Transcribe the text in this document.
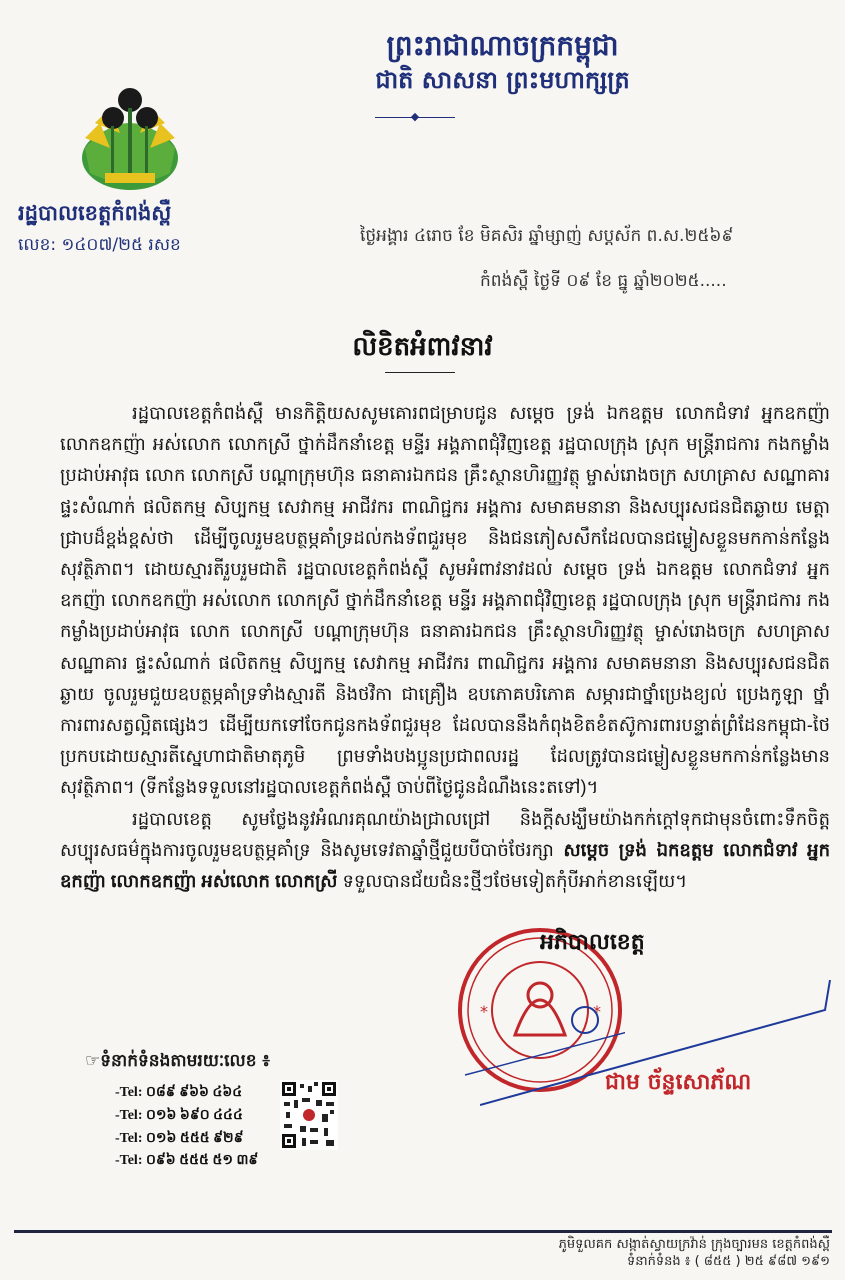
ព្រះរាជាណាចក្រកម្ពុជា
ជាតិ សាសនា ព្រះមហាក្សត្រ
◆
រដ្ឋបាលខេត្តកំពង់ស្ពឺ
លេខ: ១៤០៧/២៥ រសខ	ថ្ងៃអង្គារ ៤រោច ខែ មិគសិរ ឆ្នាំម្សាញ់ សប្តស័ក ព.ស.២៥៦៩
កំពង់ស្ពឺ ថ្ងៃទី ០៩ ខែ ធ្នូ ឆ្នាំ២០២៥.....
លិខិតអំពាវនាវ

រដ្ឋបាលខេត្តកំពង់ស្ពឺ មានកិត្តិយសសូមគោរពជម្រាបជូន សម្តេច ទ្រង់ ឯកឧត្តម លោកជំទាវ អ្នកឧកញ៉ា លោកឧកញ៉ា អស់លោក លោកស្រី ថ្នាក់ដឹកនាំខេត្ត មន្ទីរ អង្គភាពជុំវិញខេត្ត រដ្ឋបាលក្រុង ស្រុក មន្ត្រីរាជការ កងកម្លាំងប្រដាប់អាវុធ លោក លោកស្រី បណ្ដាក្រុមហ៊ុន ធនាគារឯកជន គ្រឹះស្ថានហិរញ្ញវត្ថុ ម្ចាស់រោងចក្រ សហគ្រាស សណ្ឋាគារ ផ្ទះសំណាក់ ផលិតកម្ម សិប្បកម្ម សេវាកម្ម អាជីវករ ពាណិជ្ជករ អង្គការ សមាគមនានា និងសប្បុរសជនជិតឆ្ងាយ មេត្តាជ្រាបដ៏ខ្ពង់ខ្ពស់ថា ដើម្បីចូលរួមឧបត្ថម្ភគាំទ្រដល់កងទ័ពជួរមុខ និងជនភៀសសឹកដែលបានជម្លៀសខ្លួនមកកាន់កន្លែងសុវត្ថិភាព។ ដោយស្មារតីរួបរួមជាតិ រដ្ឋបាលខេត្តកំពង់ស្ពឺ សូមអំពាវនាវដល់ សម្តេច ទ្រង់ ឯកឧត្តម លោកជំទាវ អ្នកឧកញ៉ា លោកឧកញ៉ា អស់លោក លោកស្រី ថ្នាក់ដឹកនាំខេត្ត មន្ទីរ អង្គភាពជុំវិញខេត្ត រដ្ឋបាលក្រុង ស្រុក មន្ត្រីរាជការ កងកម្លាំងប្រដាប់អាវុធ លោក លោកស្រី បណ្ដាក្រុមហ៊ុន ធនាគារឯកជន គ្រឹះស្ថានហិរញ្ញវត្ថុ ម្ចាស់រោងចក្រ សហគ្រាស សណ្ឋាគារ ផ្ទះសំណាក់ ផលិតកម្ម សិប្បកម្ម សេវាកម្ម អាជីវករ ពាណិជ្ជករ អង្គការ សមាគមនានា និងសប្បុរសជនជិតឆ្ងាយ ចូលរួមជួយឧបត្ថម្ភគាំទ្រទាំងស្មារតី និងថវិកា ជាគ្រឿង ឧបភោគបរិភោគ សម្ភារជាថ្នាំប្រេងខ្យល់ ប្រេងកូឡា ថ្នាំការពារសត្វល្អិតផ្សេងៗ ដើម្បីយកទៅចែកជូនកងទ័ពជួរមុខ ដែលបាននឹងកំពុងខិតខំតស៊ូការពារបន្ទាត់ព្រំដែនកម្ពុជា-ថៃ ប្រកបដោយស្មារតីស្នេហាជាតិមាតុភូមិ ព្រមទាំងបងប្អូនប្រជាពលរដ្ឋ ដែលត្រូវបានជម្លៀសខ្លួនមកកាន់កន្លែងមានសុវត្ថិភាព។ (ទីកន្លែងទទួលនៅរដ្ឋបាលខេត្តកំពង់ស្ពឺ ចាប់ពីថ្ងៃជូនដំណឹងនេះតទៅ)។

រដ្ឋបាលខេត្ត សូមថ្លែងនូវអំណរគុណយ៉ាងជ្រាលជ្រៅ និងក្តីសង្ឃឹមយ៉ាងកក់ក្តៅទុកជាមុនចំពោះទឹកចិត្តសប្បុរសធម៌ក្នុងការចូលរួមឧបត្ថម្ភគាំទ្រ និងសូមទេវតាឆ្នាំថ្មីជួយបីបាច់ថែរក្សា សម្តេច ទ្រង់ ឯកឧត្តម លោកជំទាវ អ្នកឧកញ៉ា លោកឧកញ៉ា អស់លោក លោកស្រី ទទួលបានជ័យជំនះថ្មីៗថែមទៀតកុំបីអាក់ខានឡើយ។

*	*
អភិបាលខេត្ត
ជាម ច័ន្ទសោភ័ណ
☞ទំនាក់ទំនងតាមរយៈលេខ ៖
-Tel: ០៨៩ ៩៦៦ ៤៦៤
-Tel: ០១៦ ៦៩០ ៤៤៤
-Tel: ០១៦ ៥៥៥ ៩២៩
-Tel: ០៩៦ ៥៥៥ ៥១ ៣៩
ភូមិទួលគក សង្កាត់ស្វាយក្រវ៉ាន់ ក្រុងច្បារមន ខេត្តកំពង់ស្ពឺ
ទំនាក់ទំនង ៖ ( ៨៥៥ ) ២៥ ៩៨៧ ១៩១
